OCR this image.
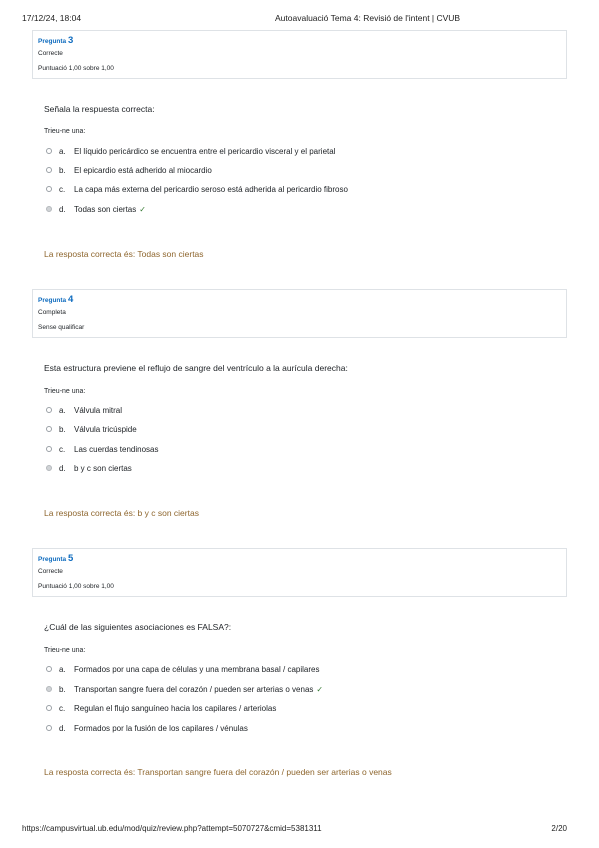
17/12/24, 18:04	Autoavaluació Tema 4: Revisió de l'intent | CVUB
Pregunta 3
Correcte
Puntuació 1,00 sobre 1,00
Señala la respuesta correcta:
Trieu-ne una:
a.	El líquido pericárdico se encuentra entre el pericardio visceral y el parietal
b.	El epicardio está adherido al miocardio
c.	La capa más externa del pericardio seroso está adherida al pericardio fibroso
d.	Todas son ciertas ✓
La resposta correcta és: Todas son ciertas
Pregunta 4
Completa
Sense qualificar
Esta estructura previene el reflujo de sangre del ventrículo a la aurícula derecha:
Trieu-ne una:
a.	Válvula mitral
b.	Válvula tricúspide
c.	Las cuerdas tendinosas
d.	b y c son ciertas
La resposta correcta és: b y c son ciertas
Pregunta 5
Correcte
Puntuació 1,00 sobre 1,00
¿Cuál de las siguientes asociaciones es FALSA?:
Trieu-ne una:
a.	Formados por una capa de células y una membrana basal / capilares
b.	Transportan sangre fuera del corazón / pueden ser arterias o venas ✓
c.	Regulan el flujo sanguíneo hacia los capilares / arteriolas
d.	Formados por la fusión de los capilares / vénulas
La resposta correcta és: Transportan sangre fuera del corazón / pueden ser arterias o venas
https://campusvirtual.ub.edu/mod/quiz/review.php?attempt=5070727&cmid=5381311	2/20
